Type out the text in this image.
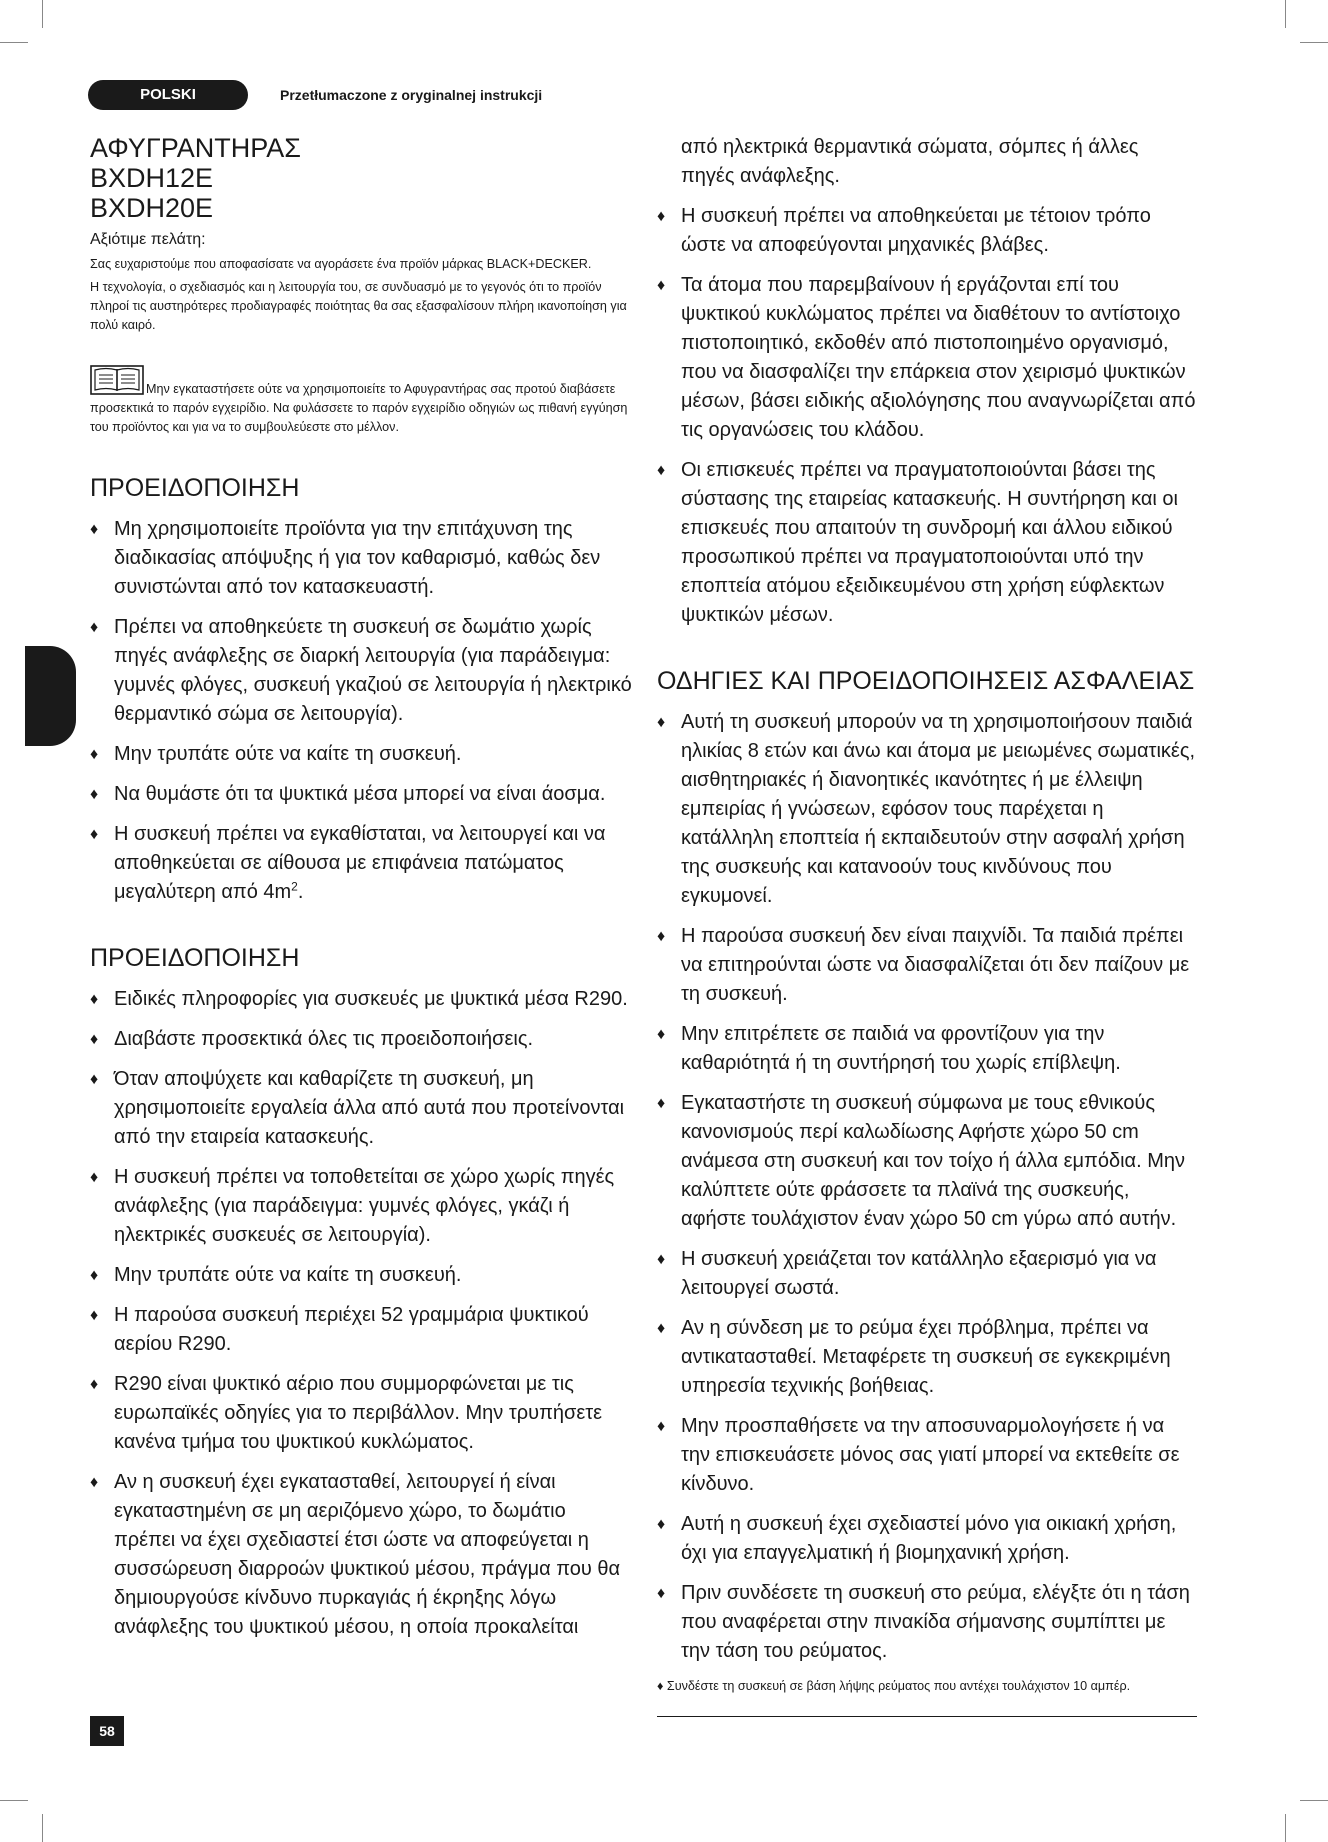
POLSKI	Przetłumaczone z oryginalnej instrukcji
ΑΦΥΓΡΑΝΤΗΡΑΣ
BXDH12E
BXDH20E
Αξιότιμε πελάτη:

Σας ευχαριστούμε που αποφασίσατε να αγοράσετε ένα προϊόν μάρκας BLACK+DECKER.

Η τεχνολογία, ο σχεδιασμός και η λειτουργία του, σε συνδυασμό με το γεγονός ότι το προϊόν πληροί τις αυστηρότερες προδιαγραφές ποιότητας θα σας εξασφαλίσουν πλήρη ικανοποίηση για πολύ καιρό.

Μην εγκαταστήσετε ούτε να χρησιμοποιείτε το Αφυγραντήρας σας προτού διαβάσετε προσεκτικά το παρόν εγχειρίδιο. Να φυλάσσετε το παρόν εγχειρίδιο οδηγιών ως πιθανή εγγύηση του προϊόντος και για να το συμβουλεύεστε στο μέλλον.
ΠΡΟΕΙΔΟΠΟΙΗΣΗ
♦ Μη χρησιμοποιείτε προϊόντα για την επιτάχυνση της διαδικασίας απόψυξης ή για τον καθαρισμό, καθώς δεν συνιστώνται από τον κατασκευαστή.
♦ Πρέπει να αποθηκεύετε τη συσκευή σε δωμάτιο χωρίς πηγές ανάφλεξης σε διαρκή λειτουργία (για παράδειγμα: γυμνές φλόγες, συσκευή γκαζιού σε λειτουργία ή ηλεκτρικό θερμαντικό σώμα σε λειτουργία).
♦ Μην τρυπάτε ούτε να καίτε τη συσκευή.
♦ Να θυμάστε ότι τα ψυκτικά μέσα μπορεί να είναι άοσμα.
♦ Η συσκευή πρέπει να εγκαθίσταται, να λειτουργεί και να αποθηκεύεται σε αίθουσα με επιφάνεια πατώματος μεγαλύτερη από $4m^2$.
ΠΡΟΕΙΔΟΠΟΙΗΣΗ
♦ Ειδικές πληροφορίες για συσκευές με ψυκτικά μέσα R290.
♦ Διαβάστε προσεκτικά όλες τις προειδοποιήσεις.
♦ Όταν αποψύχετε και καθαρίζετε τη συσκευή, μη χρησιμοποιείτε εργαλεία άλλα από αυτά που προτείνονται από την εταιρεία κατασκευής.
♦ Η συσκευή πρέπει να τοποθετείται σε χώρο χωρίς πηγές ανάφλεξης (για παράδειγμα: γυμνές φλόγες, γκάζι ή ηλεκτρικές συσκευές σε λειτουργία).
♦ Μην τρυπάτε ούτε να καίτε τη συσκευή.
♦ Η παρούσα συσκευή περιέχει 52 γραμμάρια ψυκτικού αερίου R290.
♦ R290 είναι ψυκτικό αέριο που συμμορφώνεται με τις ευρωπαϊκές οδηγίες για το περιβάλλον. Μην τρυπήσετε κανένα τμήμα του ψυκτικού κυκλώματος.
♦ Αν η συσκευή έχει εγκατασταθεί, λειτουργεί ή είναι εγκαταστημένη σε μη αεριζόμενο χώρο, το δωμάτιο πρέπει να έχει σχεδιαστεί έτσι ώστε να αποφεύγεται η συσσώρευση διαρροών ψυκτικού μέσου, πράγμα που θα δημιουργούσε κίνδυνο πυρκαγιάς ή έκρηξης λόγω ανάφλεξης του ψυκτικού μέσου, η οποία προκαλείται
από ηλεκτρικά θερμαντικά σώματα, σόμπες ή άλλες πηγές ανάφλεξης.
♦ Η συσκευή πρέπει να αποθηκεύεται με τέτοιον τρόπο ώστε να αποφεύγονται μηχανικές βλάβες.
♦ Τα άτομα που παρεμβαίνουν ή εργάζονται επί του ψυκτικού κυκλώματος πρέπει να διαθέτουν το αντίστοιχο πιστοποιητικό, εκδοθέν από πιστοποιημένο οργανισμό, που να διασφαλίζει την επάρκεια στον χειρισμό ψυκτικών μέσων, βάσει ειδικής αξιολόγησης που αναγνωρίζεται από τις οργανώσεις του κλάδου.
♦ Οι επισκευές πρέπει να πραγματοποιούνται βάσει της σύστασης της εταιρείας κατασκευής. Η συντήρηση και οι επισκευές που απαιτούν τη συνδρομή και άλλου ειδικού προσωπικού πρέπει να πραγματοποιούνται υπό την εποπτεία ατόμου εξειδικευμένου στη χρήση εύφλεκτων ψυκτικών μέσων.
ΟΔΗΓΙΕΣ ΚΑΙ ΠΡΟΕΙΔΟΠΟΙΗΣΕΙΣ ΑΣΦΑΛΕΙΑΣ
♦ Αυτή τη συσκευή μπορούν να τη χρησιμοποιήσουν παιδιά ηλικίας 8 ετών και άνω και άτομα με μειωμένες σωματικές, αισθητηριακές ή διανοητικές ικανότητες ή με έλλειψη εμπειρίας ή γνώσεων, εφόσον τους παρέχεται η κατάλληλη εποπτεία ή εκπαιδευτούν στην ασφαλή χρήση της συσκευής και κατανοούν τους κινδύνους που εγκυμονεί.
♦ Η παρούσα συσκευή δεν είναι παιχνίδι. Τα παιδιά πρέπει να επιτηρούνται ώστε να διασφαλίζεται ότι δεν παίζουν με τη συσκευή.
♦ Μην επιτρέπετε σε παιδιά να φροντίζουν για την καθαριότητά ή τη συντήρησή του χωρίς επίβλεψη.
♦ Εγκαταστήστε τη συσκευή σύμφωνα με τους εθνικούς κανονισμούς περί καλωδίωσης Αφήστε χώρο 50 cm ανάμεσα στη συσκευή και τον τοίχο ή άλλα εμπόδια. Μην καλύπτετε ούτε φράσσετε τα πλαϊνά της συσκευής, αφήστε τουλάχιστον έναν χώρο 50 cm γύρω από αυτήν.
♦ Η συσκευή χρειάζεται τον κατάλληλο εξαερισμό για να λειτουργεί σωστά.
♦ Αν η σύνδεση με το ρεύμα έχει πρόβλημα, πρέπει να αντικατασταθεί. Μεταφέρετε τη συσκευή σε εγκεκριμένη υπηρεσία τεχνικής βοήθειας.
♦ Μην προσπαθήσετε να την αποσυναρμολογήσετε ή να την επισκευάσετε μόνος σας γιατί μπορεί να εκτεθείτε σε κίνδυνο.
♦ Αυτή η συσκευή έχει σχεδιαστεί μόνο για οικιακή χρήση, όχι για επαγγελματική ή βιομηχανική χρήση.
♦ Πριν συνδέσετε τη συσκευή στο ρεύμα, ελέγξτε ότι η τάση που αναφέρεται στην πινακίδα σήμανσης συμπίπτει με την τάση του ρεύματος.
♦ Συνδέστε τη συσκευή σε βάση λήψης ρεύματος που αντέχει τουλάχιστον 10 αμπέρ.
58
